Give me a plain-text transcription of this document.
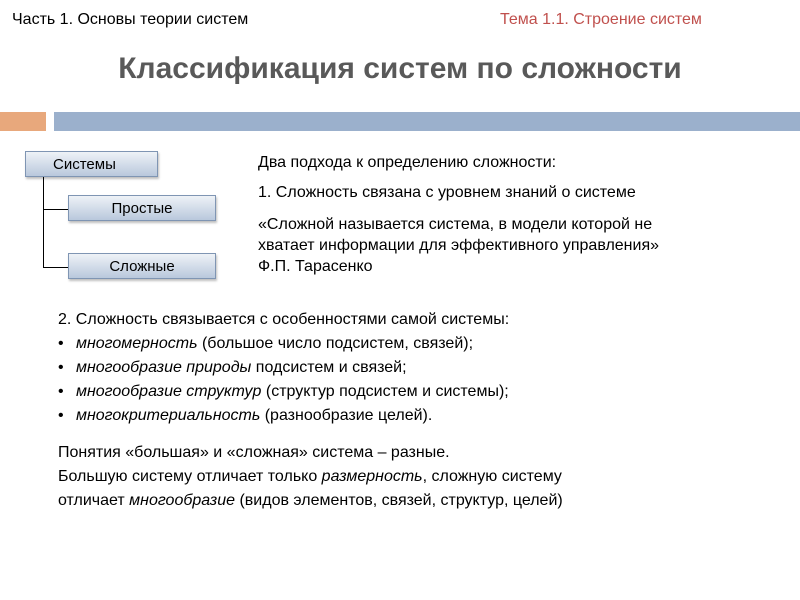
Часть 1. Основы теории систем	Тема 1.1. Строение систем
Классификация систем по сложности
Системы
Простые
Сложные
Два подхода к определению сложности:
1. Сложность связана с уровнем знаний о системе
«Сложной называется система, в модели которой не
хватает информации для эффективного управления»
Ф.П. Тарасенко
2. Сложность связывается с особенностями самой системы:
• многомерность (большое число подсистем, связей);
• многообразие природы подсистем и связей;
• многообразие структур (структур подсистем и системы);
• многокритериальность (разнообразие целей).
Понятия «большая» и «сложная» система – разные.
Большую систему отличает только размерность, сложную систему
отличает многообразие (видов элементов, связей, структур, целей)
